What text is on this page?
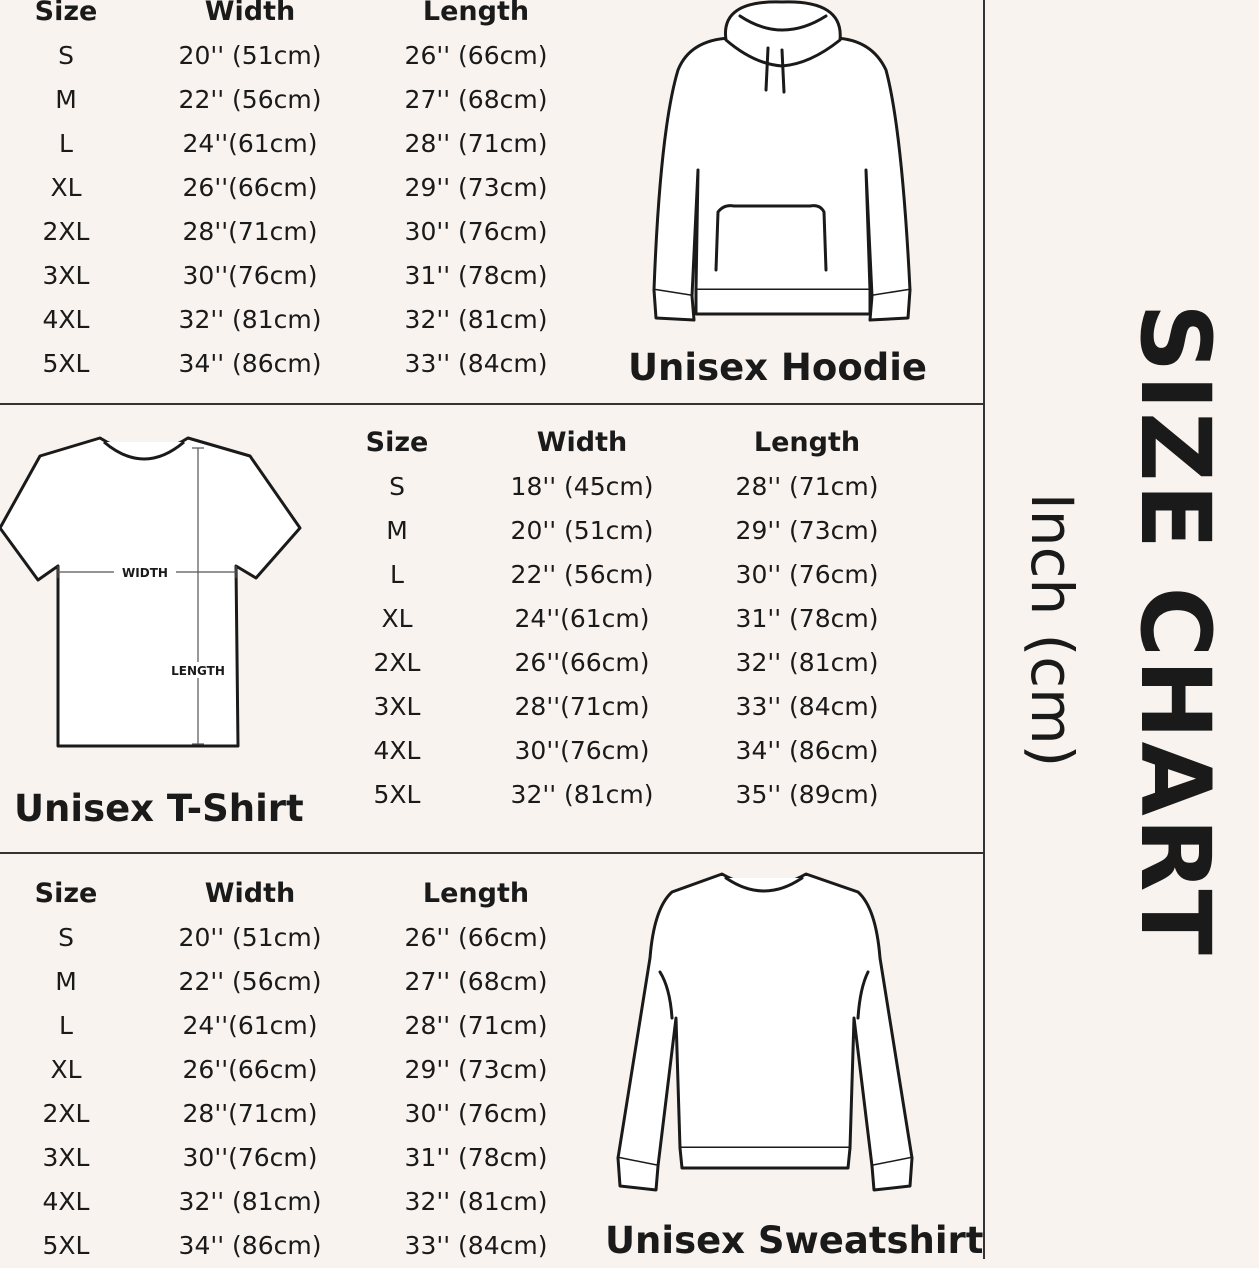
Size	Width	Length
S	20'' (51cm)	26'' (66cm)
M	22'' (56cm)	27'' (68cm)
L	24''(61cm)	28'' (71cm)
XL	26''(66cm)	29'' (73cm)
2XL	28''(71cm)	30'' (76cm)
3XL	30''(76cm)	31'' (78cm)
4XL	32'' (81cm)	32'' (81cm)
5XL	34'' (86cm)	33'' (84cm) Unisex Hoodie
WIDTH
LENGTH
Unisex T-Shirt
Size	Width	Length
S	18'' (45cm)	28'' (71cm)
M	20'' (51cm)	29'' (73cm)
L	22'' (56cm)	30'' (76cm)
XL	24''(61cm)	31'' (78cm)
2XL	26''(66cm)	32'' (81cm)
3XL	28''(71cm)	33'' (84cm)
4XL	30''(76cm)	34'' (86cm)
5XL	32'' (81cm)	35'' (89cm)
Size	Width	Length
S	20'' (51cm)	26'' (66cm)
M	22'' (56cm)	27'' (68cm)
L	24''(61cm)	28'' (71cm)
XL	26''(66cm)	29'' (73cm)
2XL	28''(71cm)	30'' (76cm)
3XL	30''(76cm)	31'' (78cm)
4XL	32'' (81cm)	32'' (81cm)
5XL	34'' (86cm)	33'' (84cm) Unisex Sweatshirt
SIZE CHART
Inch (cm)
